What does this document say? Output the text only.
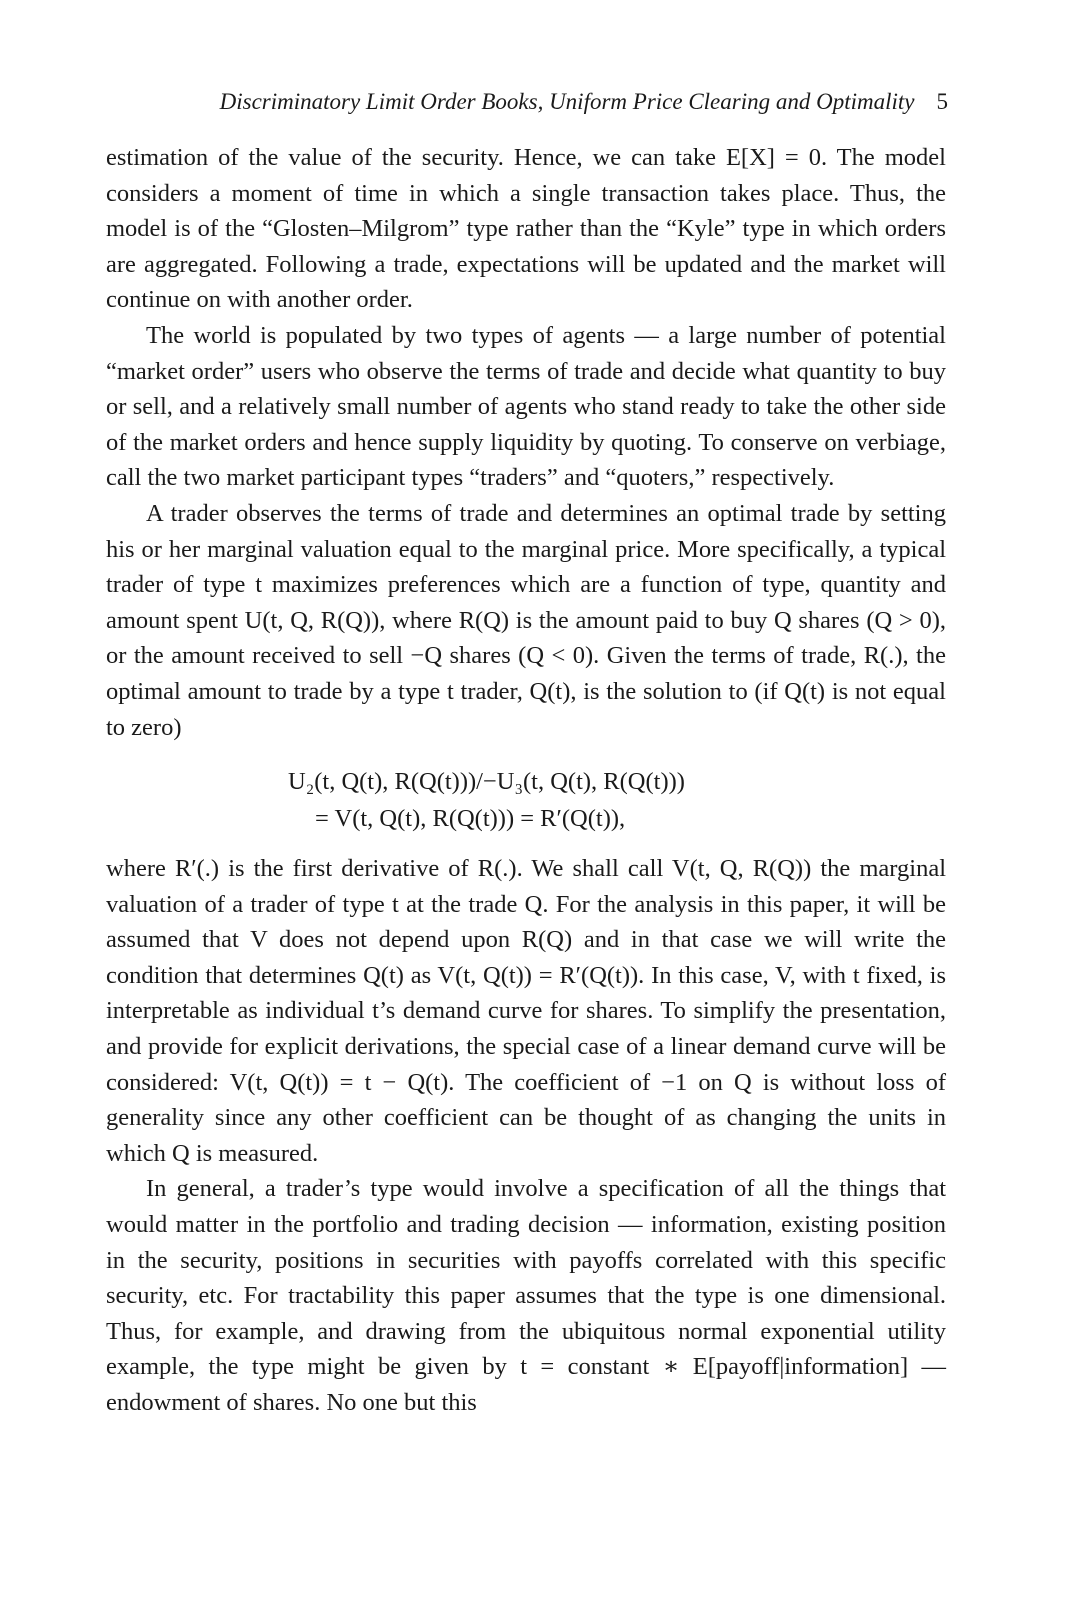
Discriminatory Limit Order Books, Uniform Price Clearing and Optimality 5

estimation of the value of the security. Hence, we can take E[X] = 0. The model considers a moment of time in which a single transaction takes place. Thus, the model is of the “Glosten–Milgrom” type rather than the “Kyle” type in which orders are aggregated. Following a trade, expectations will be updated and the market will continue on with another order.

The world is populated by two types of agents — a large number of potential “market order” users who observe the terms of trade and decide what quantity to buy or sell, and a relatively small number of agents who stand ready to take the other side of the market orders and hence supply liquidity by quoting. To conserve on verbiage, call the two market participant types “traders” and “quoters,” respectively.

A trader observes the terms of trade and determines an optimal trade by setting his or her marginal valuation equal to the marginal price. More specifically, a typical trader of type t maximizes preferences which are a function of type, quantity and amount spent U(t, Q, R(Q)), where R(Q) is the amount paid to buy Q shares (Q > 0), or the amount received to sell −Q shares (Q < 0). Given the terms of trade, R(.), the optimal amount to trade by a type t trader, Q(t), is the solution to (if Q(t) is not equal to zero)

U₂(t, Q(t), R(Q(t)))/−U₃(t, Q(t), R(Q(t)))
= V(t, Q(t), R(Q(t))) = R′(Q(t)),

where R′(.) is the first derivative of R(.). We shall call V(t, Q, R(Q)) the marginal valuation of a trader of type t at the trade Q. For the analysis in this paper, it will be assumed that V does not depend upon R(Q) and in that case we will write the condition that determines Q(t) as V(t, Q(t)) = R′(Q(t)). In this case, V, with t fixed, is interpretable as individual t’s demand curve for shares. To simplify the presentation, and provide for explicit derivations, the special case of a linear demand curve will be considered: V(t, Q(t)) = t − Q(t). The coefficient of −1 on Q is without loss of generality since any other coefficient can be thought of as changing the units in which Q is measured.

In general, a trader’s type would involve a specification of all the things that would matter in the portfolio and trading decision — information, existing position in the security, positions in securities with payoffs correlated with this specific security, etc. For tractability this paper assumes that the type is one dimensional. Thus, for example, and drawing from the ubiquitous normal exponential utility example, the type might be given by t = constant ∗ E[payoff|information] — endowment of shares. No one but this
